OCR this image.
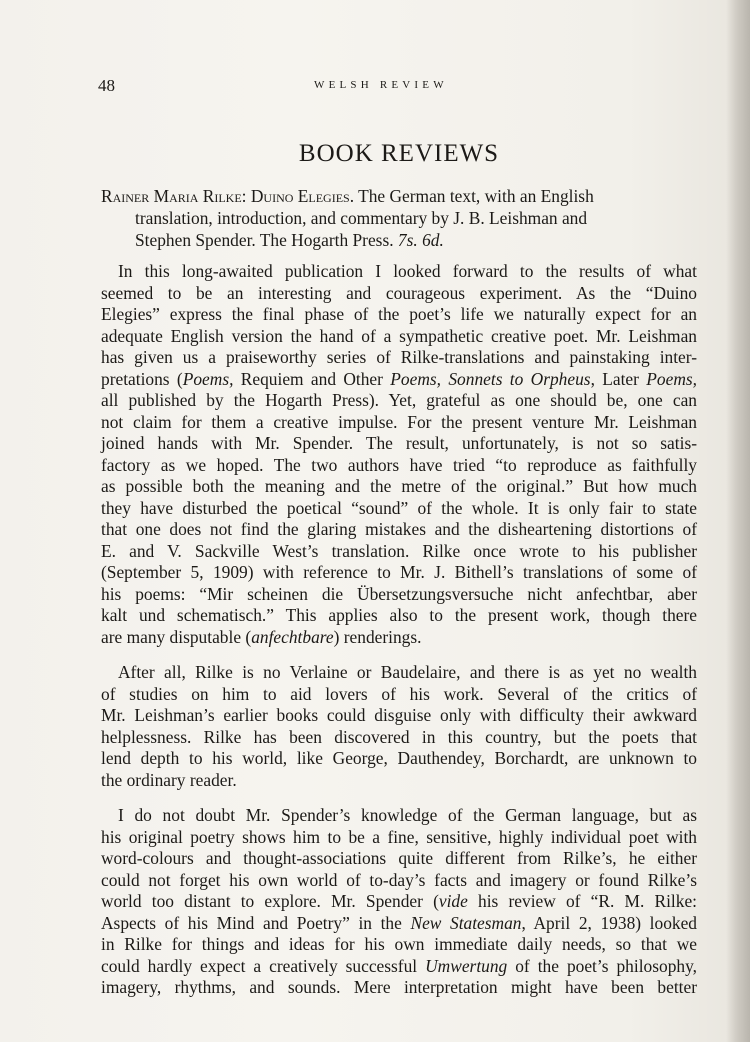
48	WELSH REVIEW
BOOK REVIEWS
Rainer Maria Rilke: Duino Elegies. The German text, with an English
translation, introduction, and commentary by J. B. Leishman and
Stephen Spender. The Hogarth Press. 7s. 6d.
In this long-awaited publication I looked forward to the results of what
seemed to be an interesting and courageous experiment. As the “Duino
Elegies” express the final phase of the poet’s life we naturally expect for an
adequate English version the hand of a sympathetic creative poet. Mr. Leishman
has given us a praiseworthy series of Rilke-translations and painstaking inter-
pretations (Poems, Requiem and Other Poems, Sonnets to Orpheus, Later Poems,
all published by the Hogarth Press). Yet, grateful as one should be, one can
not claim for them a creative impulse. For the present venture Mr. Leishman
joined hands with Mr. Spender. The result, unfortunately, is not so satis-
factory as we hoped. The two authors have tried “to reproduce as faithfully
as possible both the meaning and the metre of the original.” But how much
they have disturbed the poetical “sound” of the whole. It is only fair to state
that one does not find the glaring mistakes and the disheartening distortions of
E. and V. Sackville West’s translation. Rilke once wrote to his publisher
(September 5, 1909) with reference to Mr. J. Bithell’s translations of some of
his poems: “Mir scheinen die Übersetzungsversuche nicht anfechtbar, aber
kalt und schematisch.” This applies also to the present work, though there
are many disputable (anfechtbare) renderings.
After all, Rilke is no Verlaine or Baudelaire, and there is as yet no wealth
of studies on him to aid lovers of his work. Several of the critics of
Mr. Leishman’s earlier books could disguise only with difficulty their awkward
helplessness. Rilke has been discovered in this country, but the poets that
lend depth to his world, like George, Dauthendey, Borchardt, are unknown to
the ordinary reader.
I do not doubt Mr. Spender’s knowledge of the German language, but as
his original poetry shows him to be a fine, sensitive, highly individual poet with
word-colours and thought-associations quite different from Rilke’s, he either
could not forget his own world of to-day’s facts and imagery or found Rilke’s
world too distant to explore. Mr. Spender (vide his review of “R. M. Rilke:
Aspects of his Mind and Poetry” in the New Statesman, April 2, 1938) looked
in Rilke for things and ideas for his own immediate daily needs, so that we
could hardly expect a creatively successful Umwertung of the poet’s philosophy,
imagery, rhythms, and sounds. Mere interpretation might have been better
